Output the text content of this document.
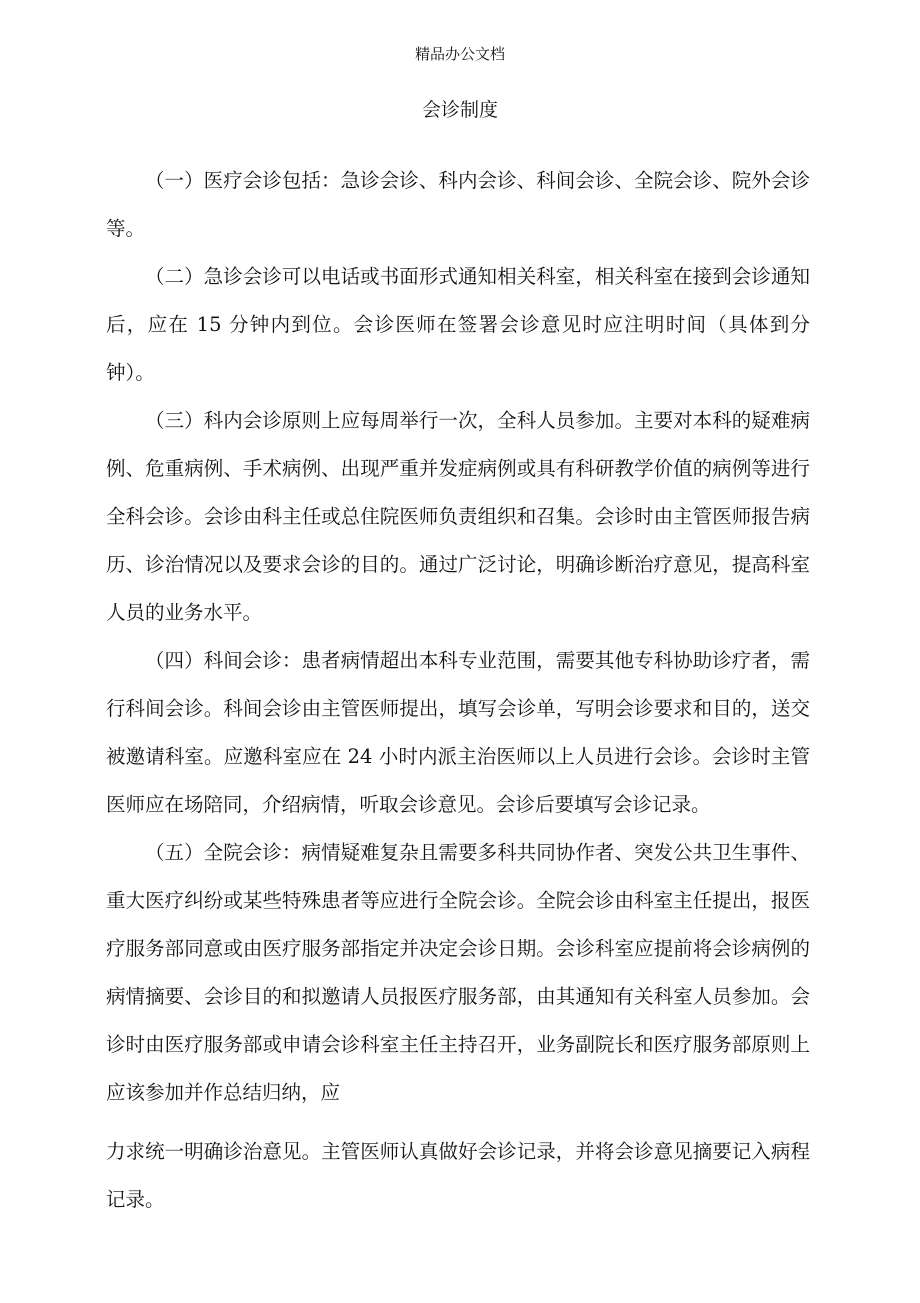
精品办公文档
会诊制度

（一）医疗会诊包括：急诊会诊、科内会诊、科间会诊、全院会诊、院外会诊等。

（二）急诊会诊可以电话或书面形式通知相关科室，相关科室在接到会诊通知后，应在 15 分钟内到位。会诊医师在签署会诊意见时应注明时间（具体到分钟）。

（三）科内会诊原则上应每周举行一次，全科人员参加。主要对本科的疑难病例、危重病例、手术病例、出现严重并发症病例或具有科研教学价值的病例等进行全科会诊。会诊由科主任或总住院医师负责组织和召集。会诊时由主管医师报告病历、诊治情况以及要求会诊的目的。通过广泛讨论，明确诊断治疗意见，提高科室人员的业务水平。

（四）科间会诊：患者病情超出本科专业范围，需要其他专科协助诊疗者，需行科间会诊。科间会诊由主管医师提出，填写会诊单，写明会诊要求和目的，送交被邀请科室。应邀科室应在 24 小时内派主治医师以上人员进行会诊。会诊时主管医师应在场陪同，介绍病情，听取会诊意见。会诊后要填写会诊记录。

（五）全院会诊：病情疑难复杂且需要多科共同协作者、突发公共卫生事件、重大医疗纠纷或某些特殊患者等应进行全院会诊。全院会诊由科室主任提出，报医疗服务部同意或由医疗服务部指定并决定会诊日期。会诊科室应提前将会诊病例的病情摘要、会诊目的和拟邀请人员报医疗服务部，由其通知有关科室人员参加。会诊时由医疗服务部或申请会诊科室主任主持召开，业务副院长和医疗服务部原则上应该参加并作总结归纳，应

力求统一明确诊治意见。主管医师认真做好会诊记录，并将会诊意见摘要记入病程记录。
